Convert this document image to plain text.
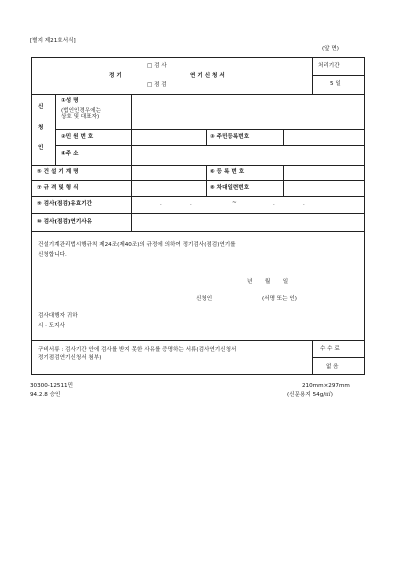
[별지 제21호서식]
(앞 면)
정 기
□ 검 사
□ 점 검
연 기 신 청 서
처리기간
5 일
신
청
인
①성 명
(법인인경우에는
상호 및 대표자)
②민 원 번 호	③ 주민등록번호
④주 소
⑤ 건 설 기 계 명	⑥ 등 록 번 호
⑦ 규 격 및 형 식	⑧ 차대일련번호
⑨ 검사(점검)유효기간	.	.	~	.	.
⑩ 검사(점검)연기사유
건설기계관리법시행규칙 제24조(제40조)의 규정에 의하여 정기검사(점검)연기를
신청합니다.
년       월       일
신청인	(서명 또는 인)
검사대행자 귀하
시 · 도지사
구비서류 : 검사기간 안에 검사를 받지 못한 사유를 증명하는 서류(검사연기신청서
정기점검연기신청서 첨부)
수 수 료
없 음
30300-12511민
94.2.8 승인
210mm×297mm
(신문용지 54g/㎡)
